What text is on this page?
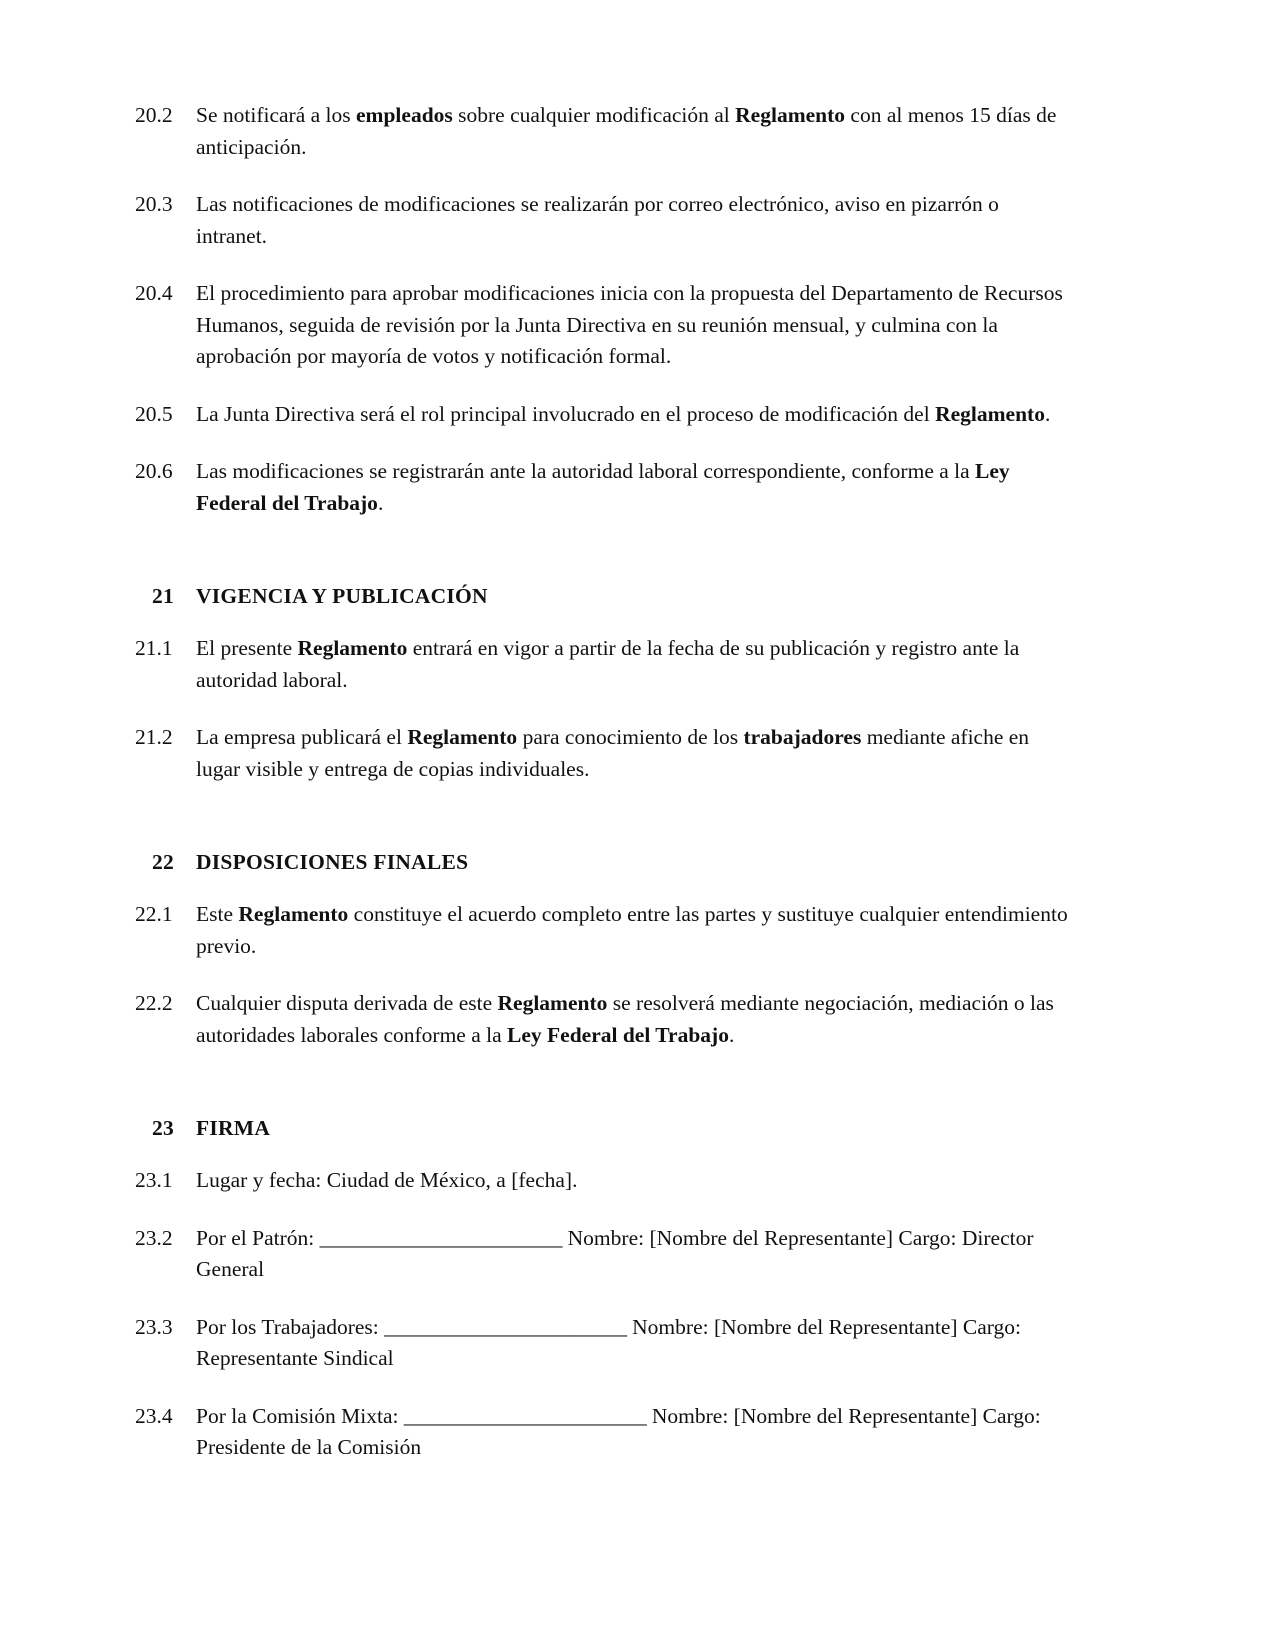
20.2	Se notificará a los empleados sobre cualquier modificación al Reglamento con al menos 15 días de anticipación.
20.3	Las notificaciones de modificaciones se realizarán por correo electrónico, aviso en pizarrón o intranet.
20.4	El procedimiento para aprobar modificaciones inicia con la propuesta del Departamento de Recursos Humanos, seguida de revisión por la Junta Directiva en su reunión mensual, y culmina con la aprobación por mayoría de votos y notificación formal.
20.5	La Junta Directiva será el rol principal involucrado en el proceso de modificación del Reglamento.
20.6	Las modificaciones se registrarán ante la autoridad laboral correspondiente, conforme a la Ley Federal del Trabajo.
21	VIGENCIA Y PUBLICACIÓN
21.1	El presente Reglamento entrará en vigor a partir de la fecha de su publicación y registro ante la autoridad laboral.
21.2	La empresa publicará el Reglamento para conocimiento de los trabajadores mediante afiche en lugar visible y entrega de copias individuales.
22	DISPOSICIONES FINALES
22.1	Este Reglamento constituye el acuerdo completo entre las partes y sustituye cualquier entendimiento previo.
22.2	Cualquier disputa derivada de este Reglamento se resolverá mediante negociación, mediación o las autoridades laborales conforme a la Ley Federal del Trabajo.
23	FIRMA
23.1	Lugar y fecha: Ciudad de México, a [fecha].
23.2	Por el Patrón: _______________________ Nombre: [Nombre del Representante] Cargo: Director General
23.3	Por los Trabajadores: _______________________ Nombre: [Nombre del Representante] Cargo: Representante Sindical
23.4	Por la Comisión Mixta: _______________________ Nombre: [Nombre del Representante] Cargo: Presidente de la Comisión
